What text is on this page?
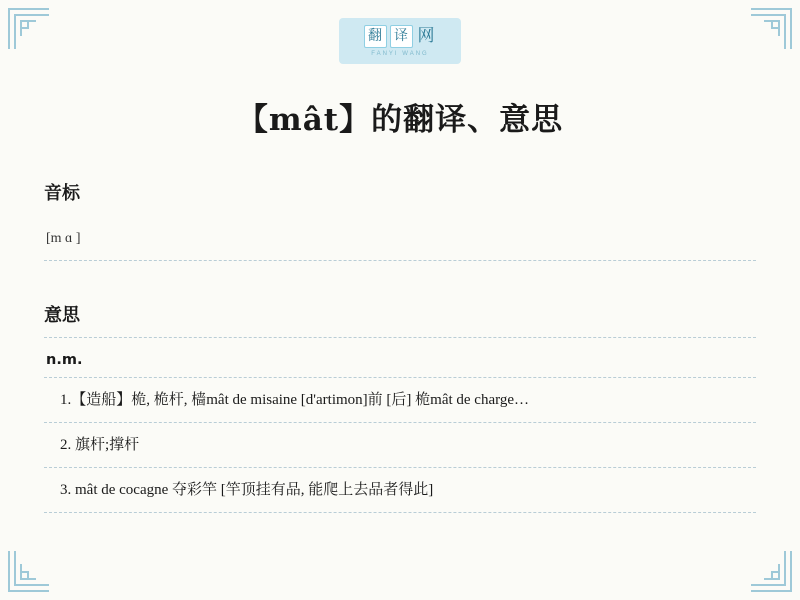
翻 译 网
FANYI WANG
【mât】的翻译、意思
音标
[m ɑ ]
意思
n.m.
1.【造船】桅, 桅杆, 樯mât de misaine [d'artimon]前 [后] 桅mât de charge…
2. 旗杆;撑杆
3. mât de cocagne 夺彩竿 [竿顶挂有品, 能爬上去品者得此]
